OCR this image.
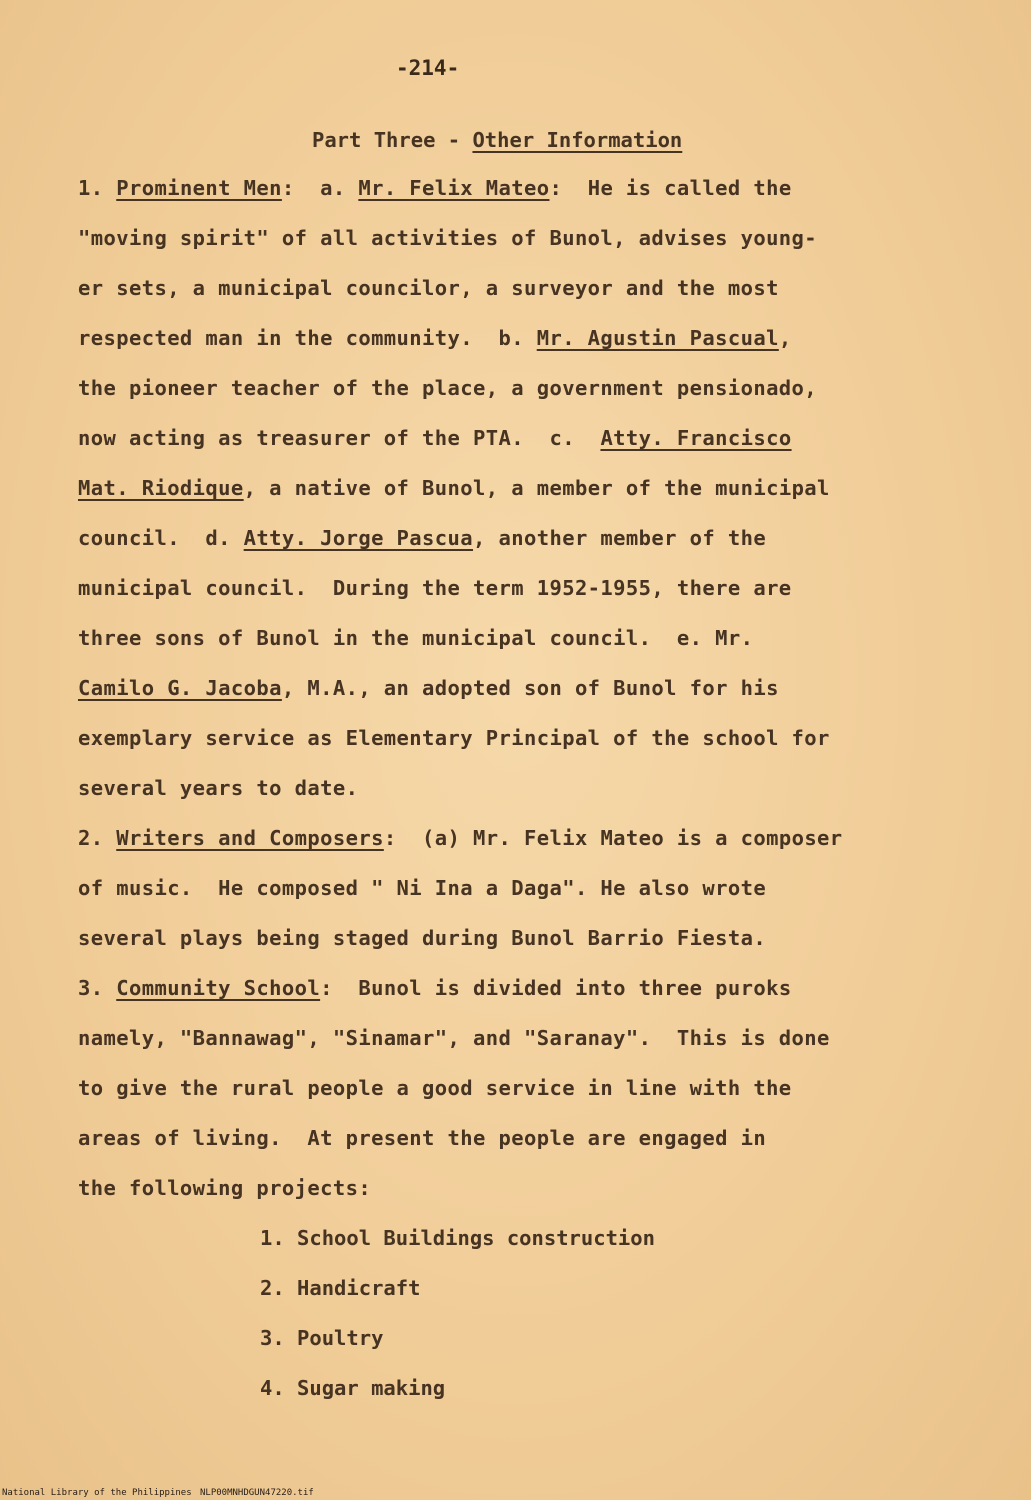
-214-
Part Three - Other Information
1. Prominent Men:  a. Mr. Felix Mateo:  He is called the
"moving spirit" of all activities of Bunol, advises young-
er sets, a municipal councilor, a surveyor and the most
respected man in the community.  b. Mr. Agustin Pascual,
the pioneer teacher of the place, a government pensionado,
now acting as treasurer of the PTA.  c.  Atty. Francisco
Mat. Riodique, a native of Bunol, a member of the municipal
council.  d. Atty. Jorge Pascua, another member of the
municipal council.  During the term 1952-1955, there are
three sons of Bunol in the municipal council.  e. Mr.
Camilo G. Jacoba, M.A., an adopted son of Bunol for his
exemplary service as Elementary Principal of the school for
several years to date.
2. Writers and Composers:  (a) Mr. Felix Mateo is a composer
of music.  He composed " Ni Ina a Daga". He also wrote
several plays being staged during Bunol Barrio Fiesta.
3. Community School:  Bunol is divided into three puroks
namely, "Bannawag", "Sinamar", and "Saranay".  This is done
to give the rural people a good service in line with the
areas of living.  At present the people are engaged in
the following projects:
1. School Buildings construction
2. Handicraft
3. Poultry
4. Sugar making
National Library of the Philippines NLP00MNHDGUN47220.tif
